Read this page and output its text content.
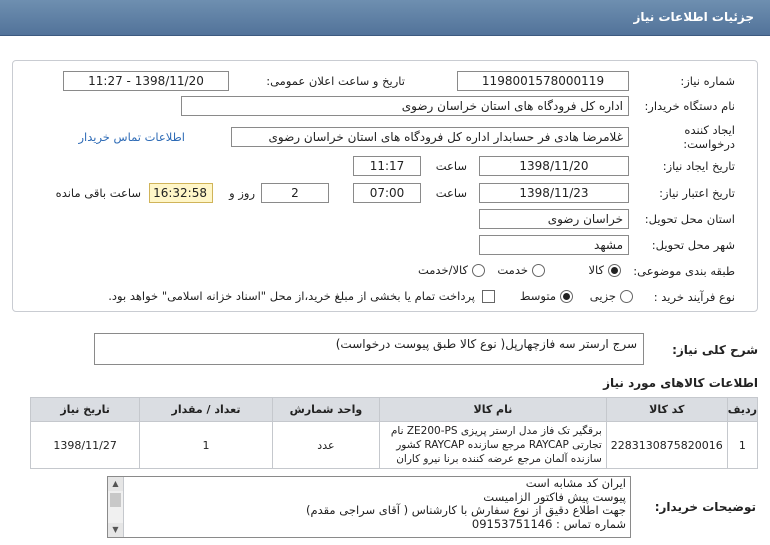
جزئیات اطلاعات نیاز
شماره نیاز:
1198001578000119
تاریخ و ساعت اعلان عمومی:
1398/11/20 - 11:27
نام دستگاه خریدار:
اداره کل فرودگاه های استان خراسان رضوی
ایجاد کننده
درخواست:
غلامرضا هادی فر حسابدار اداره کل فرودگاه های استان خراسان رضوی
اطلاعات تماس خریدار
تاریخ ایجاد نیاز:
1398/11/20
ساعت
11:17
تاریخ اعتبار نیاز:
1398/11/23
ساعت
07:00
2
روز و
16:32:58
ساعت باقی مانده
استان محل تحویل:
خراسان رضوی
شهر محل تحویل:
مشهد
طبقه بندی موضوعی:
کالا
خدمت
کالا/خدمت
نوع فرآیند خرید :
جزیی
متوسط
پرداخت تمام یا بخشی از مبلغ خرید،از محل "اسناد خزانه اسلامی" خواهد بود.
شرح کلی نیاز:
سرج ارستر سه فازچهارپل( نوع کالا طبق پیوست درخواست)
اطلاعات کالاهای مورد نیاز
ردیف	کد کالا	نام کالا	واحد شمارش	تعداد / مقدار	تاریخ نیاز
1	2283130875820016	برقگیر تک فاز مدل ارستر پریزی ZE200-PS نام تجارتی RAYCAP مرجع سازنده RAYCAP کشور سازنده آلمان مرجع عرضه کننده برنا نیرو کاران	عدد	1	1398/11/27
توضیحات خریدار:
ایران کد مشابه است
پیوست پیش فاکتور الزامیست
جهت اطلاع دقیق از نوع سفارش با کارشناس ( آقای سراجی مقدم)
شماره تماس : 09153751146
▲
▼
